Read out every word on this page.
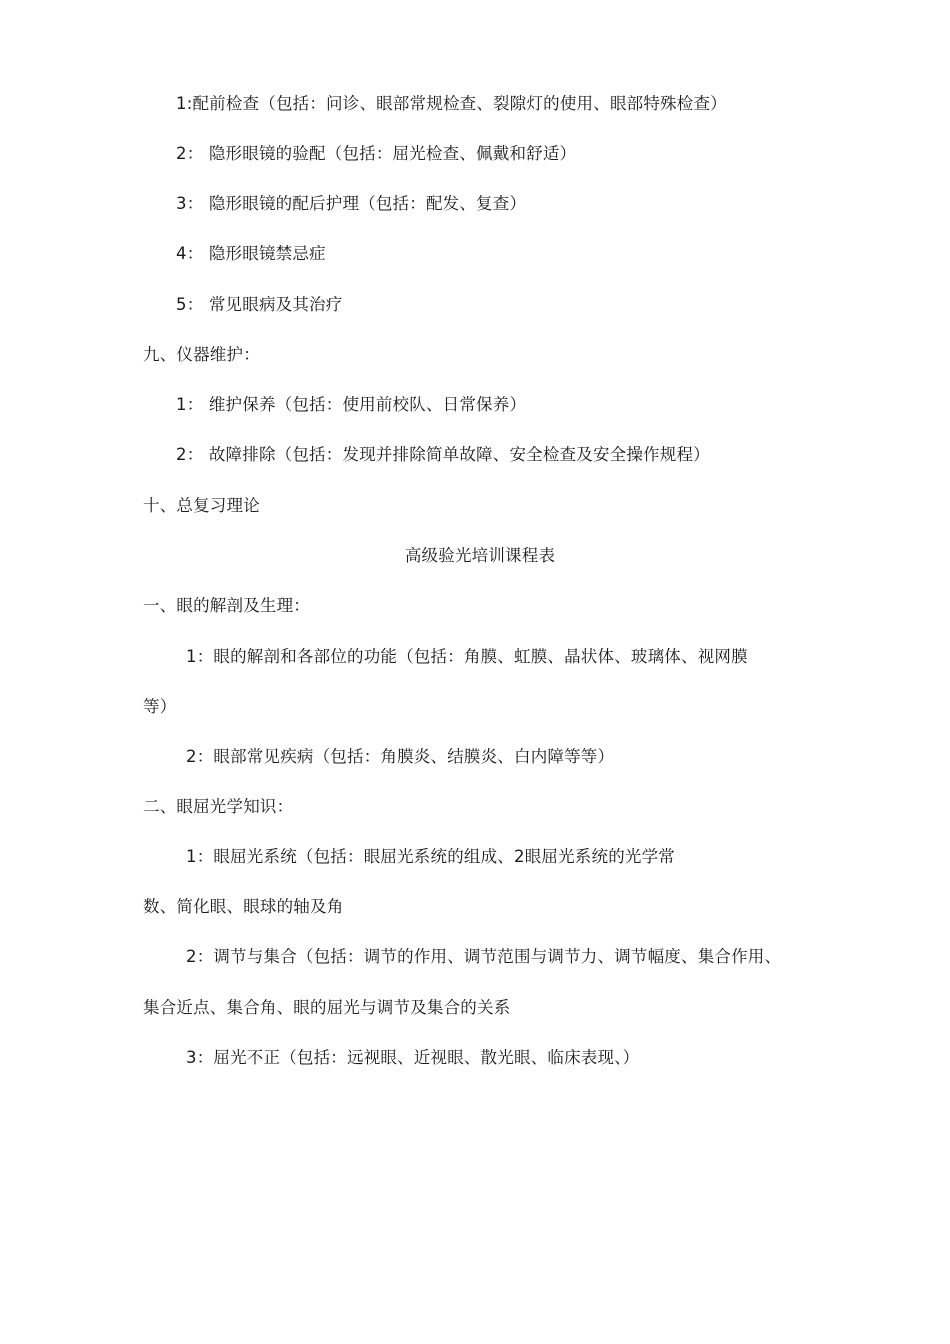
1:配前检查（包括：问诊、眼部常规检查、裂隙灯的使用、眼部特殊检查）
2： 隐形眼镜的验配（包括：屈光检查、佩戴和舒适）
3： 隐形眼镜的配后护理（包括：配发、复查）
4： 隐形眼镜禁忌症
5： 常见眼病及其治疗
九、仪器维护：
1： 维护保养（包括：使用前校队、日常保养）
2： 故障排除（包括：发现并排除简单故障、安全检查及安全操作规程）
十、总复习理论
高级验光培训课程表
一、眼的解剖及生理：
1：眼的解剖和各部位的功能（包括：角膜、虹膜、晶状体、玻璃体、视网膜
等）
2：眼部常见疾病（包括：角膜炎、结膜炎、白内障等等）
二、眼屈光学知识：
1：眼屈光系统（包括：眼屈光系统的组成、2眼屈光系统的光学常
数、简化眼、眼球的轴及角
2：调节与集合（包括：调节的作用、调节范围与调节力、调节幅度、集合作用、
集合近点、集合角、眼的屈光与调节及集合的关系
3：屈光不正（包括：远视眼、近视眼、散光眼、临床表现、）
